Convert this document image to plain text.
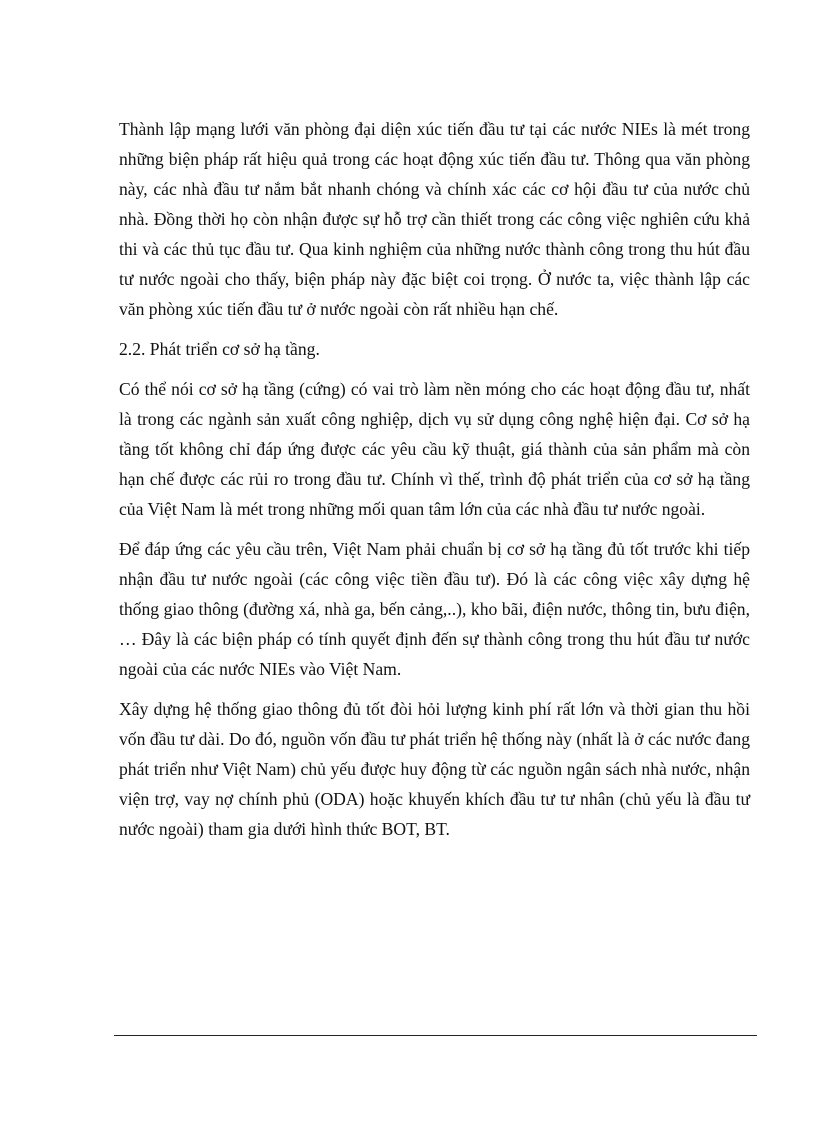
Thành lập mạng lưới văn phòng đại diện xúc tiến đầu tư tại các nước NIEs là mét trong những biện pháp rất hiệu quả trong các hoạt động xúc tiến đầu tư. Thông qua văn phòng này, các nhà đầu tư nắm bắt nhanh chóng và chính xác các cơ hội đầu tư của nước chủ nhà. Đồng thời họ còn nhận được sự hỗ trợ cần thiết trong các công việc nghiên cứu khả thi và các thủ tục đầu tư. Qua kinh nghiệm của những nước thành công trong thu hút đầu tư nước ngoài cho thấy, biện pháp này đặc biệt coi trọng. Ở nước ta, việc thành lập các văn phòng xúc tiến đầu tư ở nước ngoài còn rất nhiều hạn chế.

2.2. Phát triển cơ sở hạ tầng.

Có thể nói cơ sở hạ tầng (cứng) có vai trò làm nền móng cho các hoạt động đầu tư, nhất là trong các ngành sản xuất công nghiệp, dịch vụ sử dụng công nghệ hiện đại. Cơ sở hạ tầng tốt không chỉ đáp ứng được các yêu cầu kỹ thuật, giá thành của sản phẩm mà còn hạn chế được các rủi ro trong đầu tư. Chính vì thế, trình độ phát triển của cơ sở hạ tầng của Việt Nam là mét trong những mối quan tâm lớn của các nhà đầu tư nước ngoài.

Để đáp ứng các yêu cầu trên, Việt Nam phải chuẩn bị cơ sở hạ tầng đủ tốt trước khi tiếp nhận đầu tư nước ngoài (các công việc tiền đầu tư). Đó là các công việc xây dựng hệ thống giao thông (đường xá, nhà ga, bến cảng,..), kho bãi, điện nước, thông tin, bưu điện, … Đây là các biện pháp có tính quyết định đến sự thành công trong thu hút đầu tư nước ngoài của các nước NIEs vào Việt Nam.

Xây dựng hệ thống giao thông đủ tốt đòi hỏi lượng kinh phí rất lớn và thời gian thu hồi vốn đầu tư dài. Do đó, nguồn vốn đầu tư phát triển hệ thống này (nhất là ở các nước đang phát triển như Việt Nam) chủ yếu được huy động từ các nguồn ngân sách nhà nước, nhận viện trợ, vay nợ chính phủ (ODA) hoặc khuyến khích đầu tư tư nhân (chủ yếu là đầu tư nước ngoài) tham gia dưới hình thức BOT, BT.
